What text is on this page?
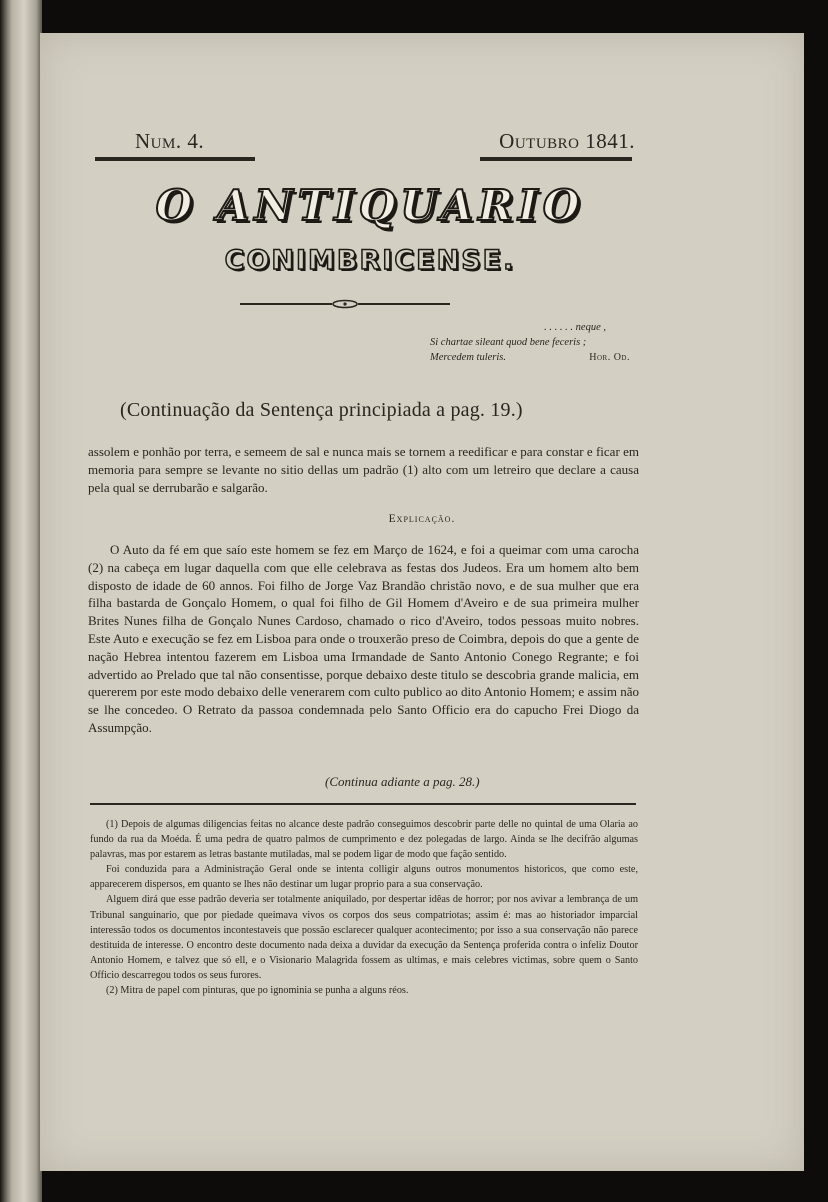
Num. 4.	Outubro 1841.
O ANTIQUARIO
CONIMBRICENSE.
. . . . . . neque ,
Si chartae sileant quod bene feceris ;
Mercedem tuleris.	Hor. Od.
(Continuação da Sentença principiada a pag. 19.)

assolem e ponhão por terra, e semeem de sal e nunca mais se tornem a reedificar e para constar e ficar em memoria para sempre se levante no sitio dellas um padrão (1) alto com um letreiro que declare a causa pela qual se derrubarão e salgarão.

Explicação.

O Auto da fé em que saío este homem se fez em Março de 1624, e foi a queimar com uma carocha (2) na cabeça em lugar daquella com que elle celebrava as festas dos Judeos. Era um homem alto bem disposto de idade de 60 annos. Foi filho de Jorge Vaz Brandão christão novo, e de sua mulher que era filha bastarda de Gonçalo Homem, o qual foi filho de Gil Homem d'Aveiro e de sua primeira mulher Brites Nunes filha de Gonçalo Nunes Cardoso, chamado o rico d'Aveiro, todos pessoas muito nobres. Este Auto e execução se fez em Lisboa para onde o trouxerão preso de Coimbra, depois do que a gente de nação Hebrea intentou fazerem em Lisboa uma Irmandade de Santo Antonio Conego Regrante; e foi advertido ao Prelado que tal não consentisse, porque debaixo deste titulo se descobria grande malicia, em quererem por este modo debaixo delle venerarem com culto publico ao dito Antonio Homem; e assim não se lhe concedeo. O Retrato da passoa condemnada pelo Santo Officio era do capucho Frei Diogo da Assumpção.

(Continua adiante a pag. 28.)

(1) Depois de algumas diligencias feitas no alcance deste padrão conseguimos descobrir parte delle no quintal de uma Olaria ao fundo da rua da Moéda. É uma pedra de quatro palmos de cumprimento e dez polegadas de largo. Ainda se lhe decifrão algumas palavras, mas por estarem as letras bastante mutiladas, mal se podem ligar de modo que fação sentido.

Foi conduzida para a Administração Geral onde se intenta colligir alguns outros monumentos historicos, que como este, apparecerem dispersos, em quanto se lhes não destinar um lugar proprio para a sua conservação.

Alguem dirá que esse padrão deveria ser totalmente aniquilado, por despertar idêas de horror; por nos avivar a lembrança de um Tribunal sanguinario, que por piedade queimava vivos os corpos dos seus compatriotas; assim é: mas ao historiador imparcial interessão todos os documentos incontestaveis que possão esclarecer qualquer acontecimento; por isso a sua conservação não parece destituida de interesse. O encontro deste documento nada deixa a duvidar da execução da Sentença proferida contra o infeliz Doutor Antonio Homem, e talvez que só ell, e o Visionario Malagrida fossem as ultimas, e mais celebres victimas, sobre quem o Santo Officio descarregou todos os seus furores.

(2) Mitra de papel com pinturas, que po ignominia se punha a alguns réos.
